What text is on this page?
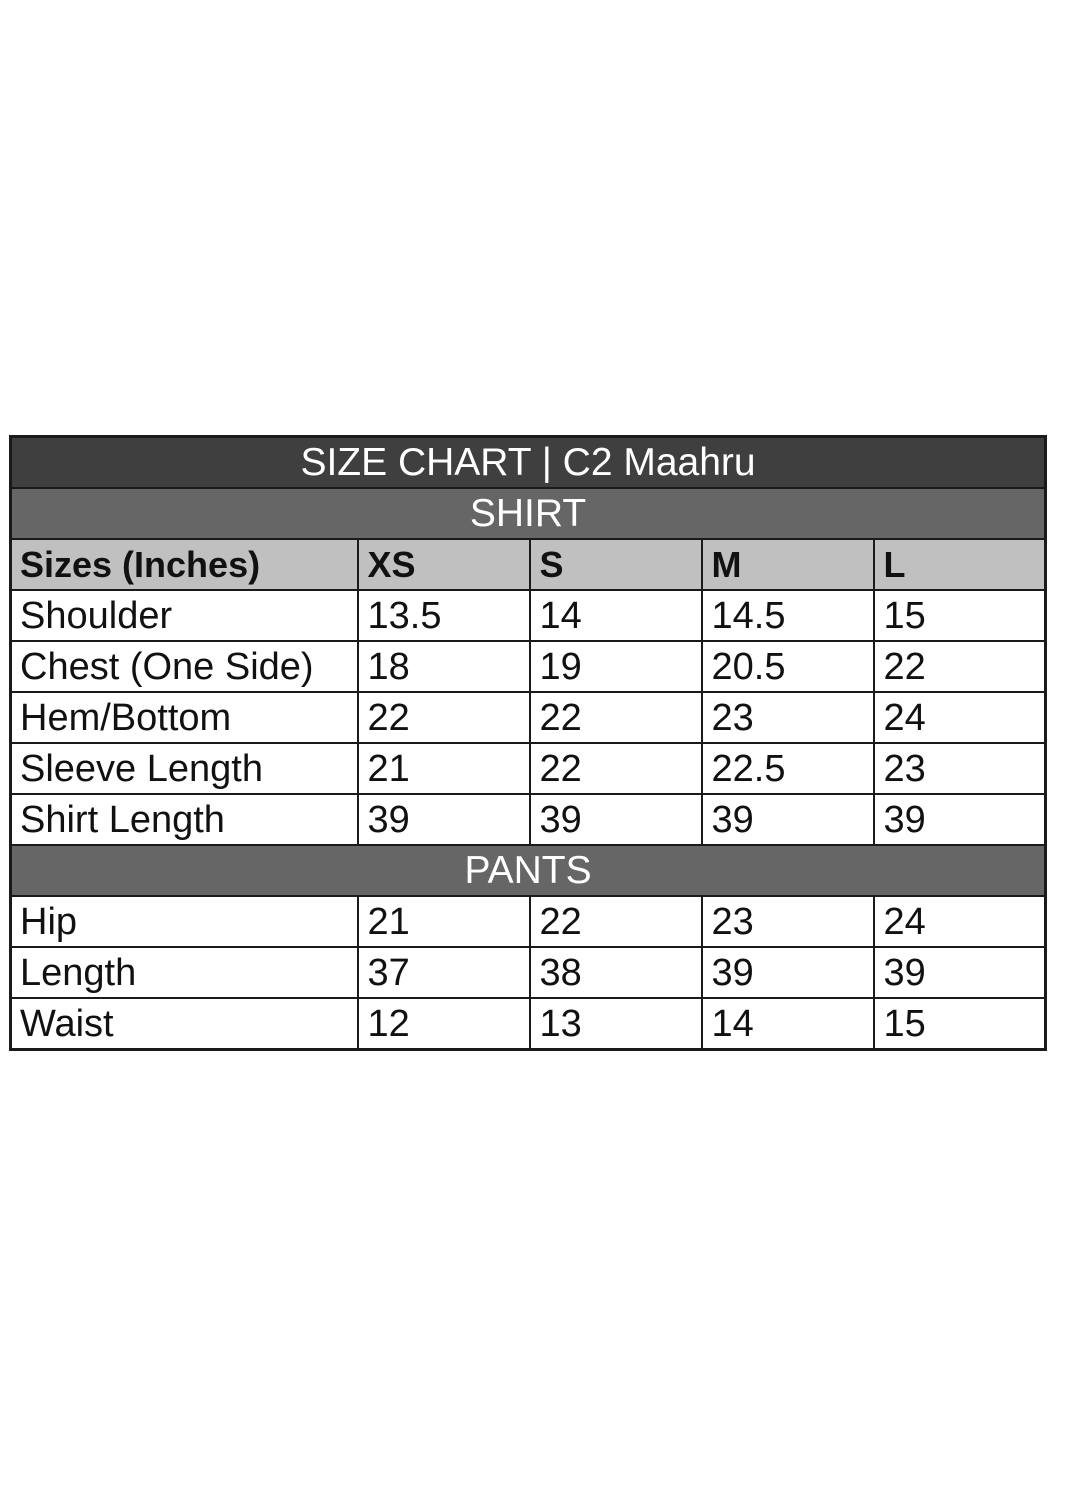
SIZE CHART | C2 Maahru				
SHIRT				
Sizes (Inches)	XS	S	M	L
Shoulder	13.5	14	14.5	15
Chest (One Side)	18	19	20.5	22
Hem/Bottom	22	22	23	24
Sleeve Length	21	22	22.5	23
Shirt Length	39	39	39	39
PANTS				
Hip	21	22	23	24
Length	37	38	39	39
Waist	12	13	14	15
